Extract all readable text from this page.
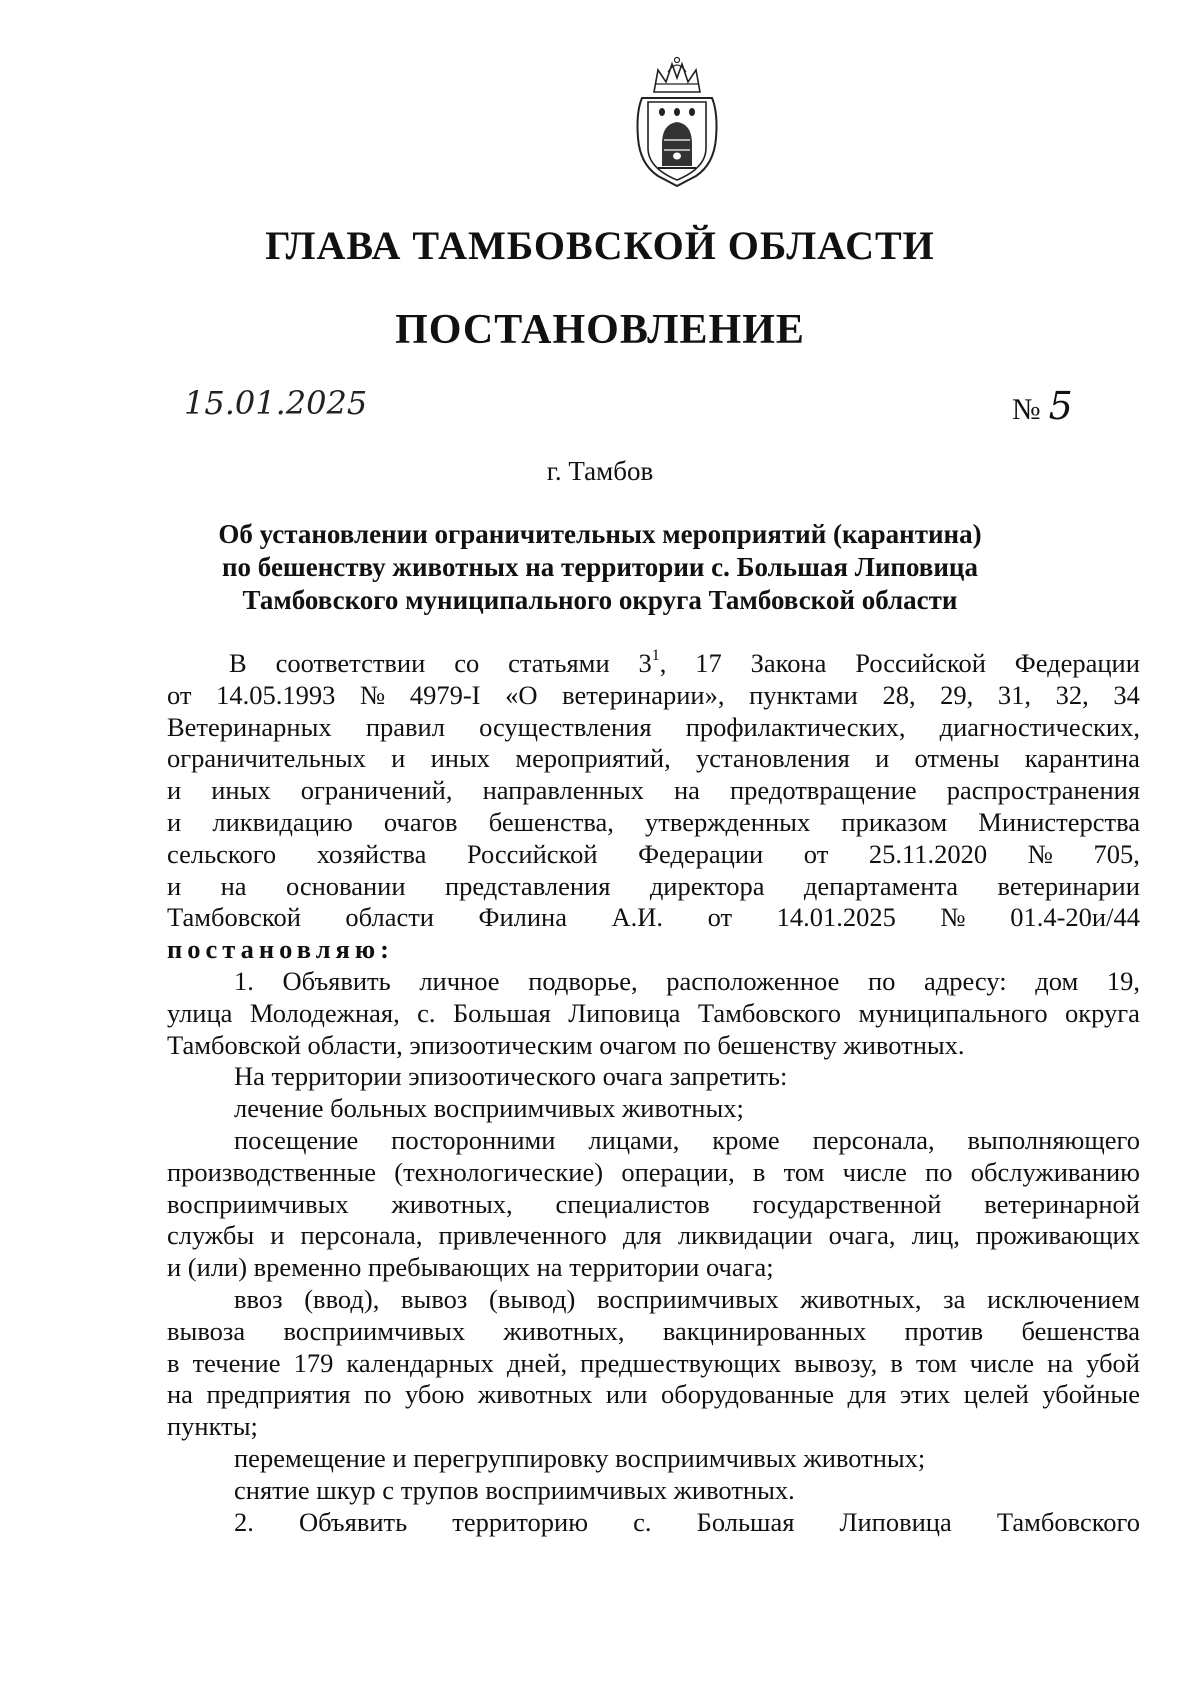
ГЛАВА ТАМБОВСКОЙ ОБЛАСТИ
ПОСТАНОВЛЕНИЕ
15.01.2025	№ 5
г. Тамбов
Об установлении ограничительных мероприятий (карантина)
по бешенству животных на территории с. Большая Липовица
Тамбовского муниципального округа Тамбовской области
В соответствии со статьями $3^1$, 17 Закона Российской Федерации
от 14.05.1993 № 4979-I «О ветеринарии», пунктами 28, 29, 31, 32, 34
Ветеринарных правил осуществления профилактических, диагностических,
ограничительных и иных мероприятий, установления и отмены карантина
и иных ограничений, направленных на предотвращение распространения
и ликвидацию очагов бешенства, утвержденных приказом Министерства
сельского хозяйства Российской Федерации от 25.11.2020 № 705,
и на основании представления директора департамента ветеринарии
Тамбовской области Филина А.И. от 14.01.2025 № 01.4-20и/44
постановляю:
1. Объявить личное подворье, расположенное по адресу: дом 19,
улица Молодежная, с. Большая Липовица Тамбовского муниципального округа
Тамбовской области, эпизоотическим очагом по бешенству животных.
На территории эпизоотического очага запретить:
лечение больных восприимчивых животных;
посещение посторонними лицами, кроме персонала, выполняющего
производственные (технологические) операции, в том числе по обслуживанию
восприимчивых животных, специалистов государственной ветеринарной
службы и персонала, привлеченного для ликвидации очага, лиц, проживающих
и (или) временно пребывающих на территории очага;
ввоз (ввод), вывоз (вывод) восприимчивых животных, за исключением
вывоза восприимчивых животных, вакцинированных против бешенства
в течение 179 календарных дней, предшествующих вывозу, в том числе на убой
на предприятия по убою животных или оборудованные для этих целей убойные
пункты;
перемещение и перегруппировку восприимчивых животных;
снятие шкур с трупов восприимчивых животных.
2. Объявить территорию с. Большая Липовица Тамбовского
